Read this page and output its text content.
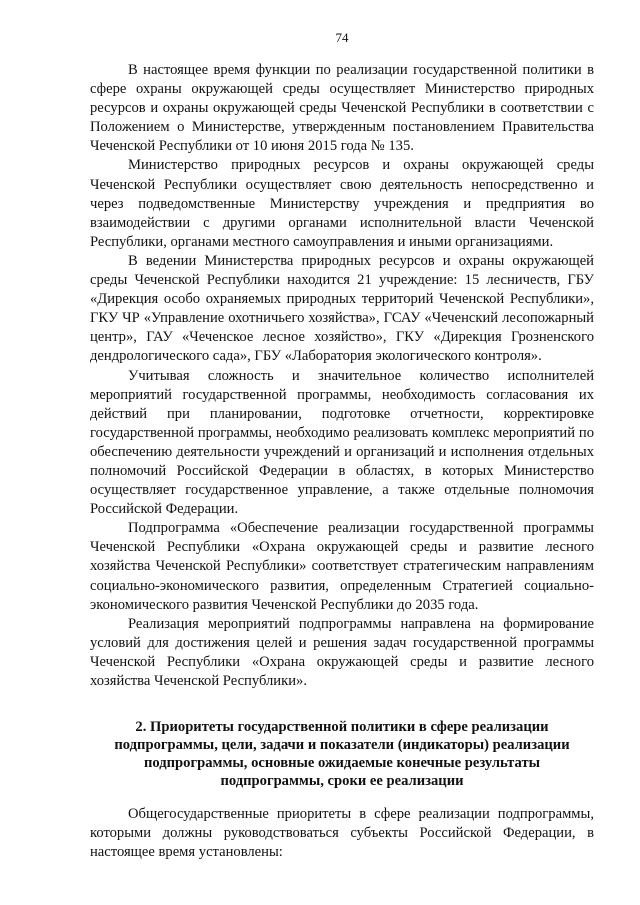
74

В настоящее время функции по реализации государственной политики в сфере охраны окружающей среды осуществляет Министерство природных ресурсов и охраны окружающей среды Чеченской Республики в соответствии с Положением о Министерстве, утвержденным постановлением Правительства Чеченской Республики от 10 июня 2015 года № 135.

Министерство природных ресурсов и охраны окружающей среды Чеченской Республики осуществляет свою деятельность непосредственно и через подведомственные Министерству учреждения и предприятия во взаимодействии с другими органами исполнительной власти Чеченской Республики, органами местного самоуправления и иными организациями.

В ведении Министерства природных ресурсов и охраны окружающей среды Чеченской Республики находится 21 учреждение: 15 лесничеств, ГБУ «Дирекция особо охраняемых природных территорий Чеченской Республики», ГКУ ЧР «Управление охотничьего хозяйства», ГСАУ «Чеченский лесопожарный центр», ГАУ «Чеченское лесное хозяйство», ГКУ «Дирекция Грозненского дендрологического сада», ГБУ «Лаборатория экологического контроля».

Учитывая сложность и значительное количество исполнителей мероприятий государственной программы, необходимость согласования их действий при планировании, подготовке отчетности, корректировке государственной программы, необходимо реализовать комплекс мероприятий по обеспечению деятельности учреждений и организаций и исполнения отдельных полномочий Российской Федерации в областях, в которых Министерство осуществляет государственное управление, а также отдельные полномочия Российской Федерации.

Подпрограмма «Обеспечение реализации государственной программы Чеченской Республики «Охрана окружающей среды и развитие лесного хозяйства Чеченской Республики» соответствует стратегическим направлениям социально-экономического развития, определенным Стратегией социально-экономического развития Чеченской Республики до 2035 года.

Реализация мероприятий подпрограммы направлена на формирование условий для достижения целей и решения задач государственной программы Чеченской Республики «Охрана окружающей среды и развитие лесного хозяйства Чеченской Республики».

2. Приоритеты государственной политики в сфере реализации подпрограммы, цели, задачи и показатели (индикаторы) реализации подпрограммы, основные ожидаемые конечные результаты подпрограммы, сроки ее реализации

Общегосударственные приоритеты в сфере реализации подпрограммы, которыми должны руководствоваться субъекты Российской Федерации, в настоящее время установлены:
